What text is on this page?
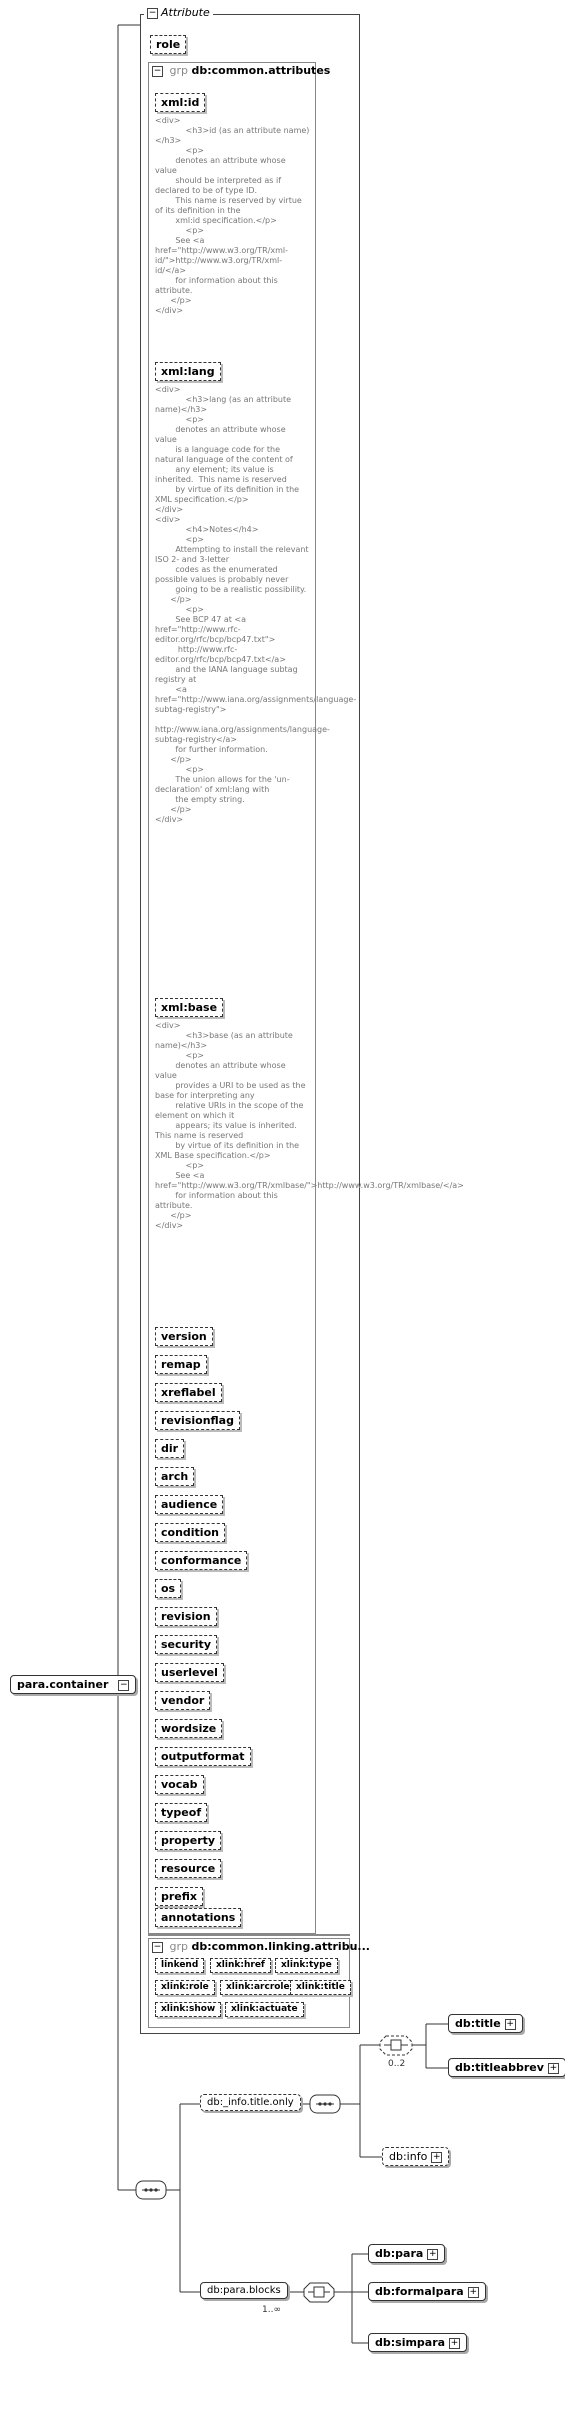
para.container −
− Attribute
role
− grp db:common.attributes
xml:id
<div>
<h3>id (as an attribute name)</h3>
<p>
denotes an attribute whose value
should be interpreted as if declared to be of type ID.
This name is reserved by virtue of its definition in the
xml:id specification.</p>
<p>
See <a href="http://www.w3.org/TR/xml-id/">http://www.w3.org/TR/xml-id/</a>
for information about this attribute.
</p>
</div>
xml:lang
<div>
<h3>lang (as an attribute name)</h3>
<p>
denotes an attribute whose value
is a language code for the natural language of the content of
any element; its value is inherited.  This name is reserved
by virtue of its definition in the XML specification.</p>
</div>
<div>
<h4>Notes</h4>
<p>
Attempting to install the relevant ISO 2- and 3-letter
codes as the enumerated possible values is probably never
going to be a realistic possibility.
</p>
<p>
See BCP 47 at <a href="http://www.rfc-editor.org/rfc/bcp/bcp47.txt">
http://www.rfc-editor.org/rfc/bcp/bcp47.txt</a>
and the IANA language subtag registry at
<a href="http://www.iana.org/assignments/language-subtag-registry">
http://www.iana.org/assignments/language-subtag-registry</a>
for further information.
</p>
<p>
The union allows for the 'un-declaration' of xml:lang with
the empty string.
</p>
</div>
xml:base
<div>
<h3>base (as an attribute name)</h3>
<p>
denotes an attribute whose value
provides a URI to be used as the base for interpreting any
relative URIs in the scope of the element on which it
appears; its value is inherited.  This name is reserved
by virtue of its definition in the XML Base specification.</p>
<p>
See <a href="http://www.w3.org/TR/xmlbase/">http://www.w3.org/TR/xmlbase/</a>
for information about this attribute.
</p>
</div>
version
remap
xreflabel
revisionflag
dir
arch
audience
condition
conformance
os
revision
security
userlevel
vendor
wordsize
outputformat
vocab
typeof
property
resource
prefix
annotations
db:_info.title.only
0..2
db:title +
db:titleabbrev +
db:info +
db:para.blocks
1..∞
db:para +
db:formalpara +
db:simpara +
− grp db:common.linking.attribu...
linkend	xlink:href	xlink:type
xlink:role	xlink:arcrole xlink:title
xlink:show	xlink:actuate
